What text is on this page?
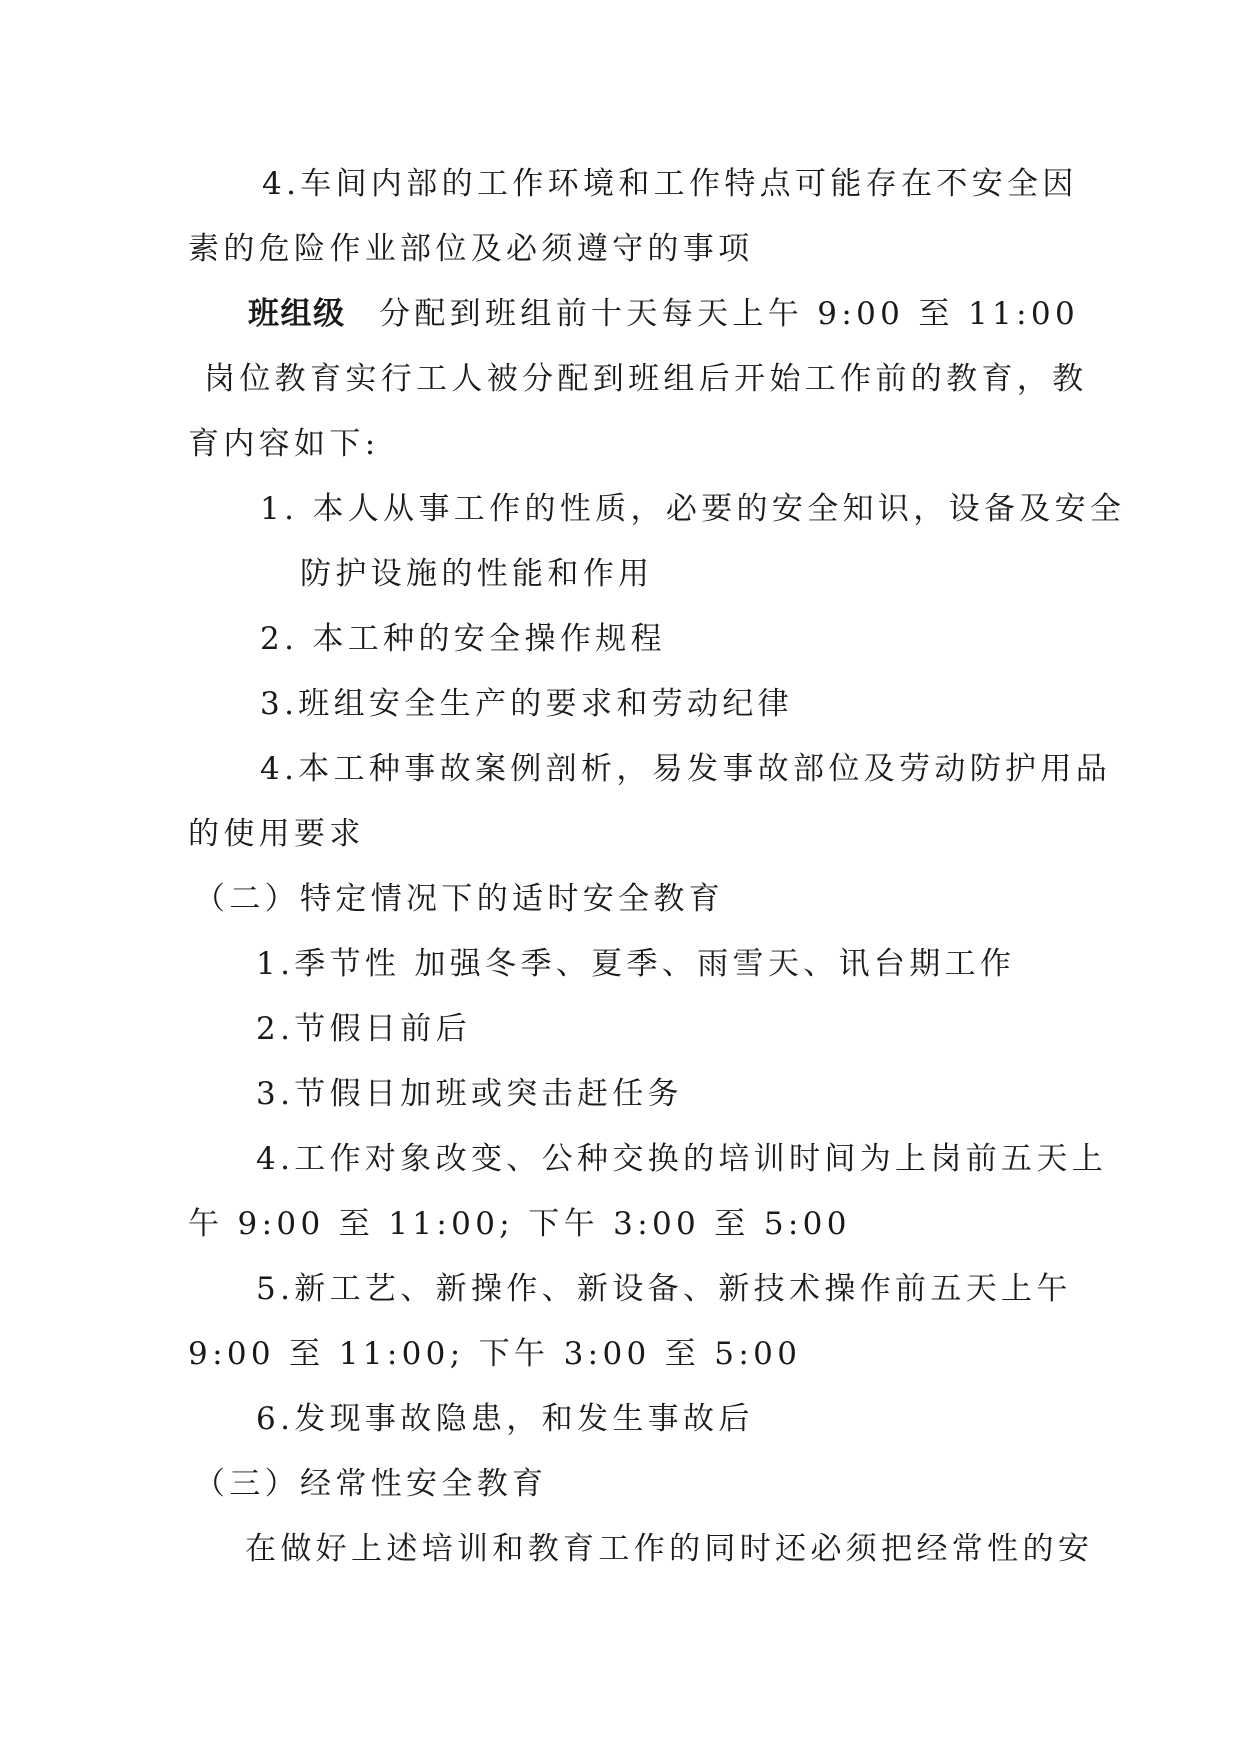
4.车间内部的工作环境和工作特点可能存在不安全因
素的危险作业部位及必须遵守的事项
班组级 分配到班组前十天每天上午 9:00 至 11:00
岗位教育实行工人被分配到班组后开始工作前的教育，教
育内容如下:
1. 本人从事工作的性质，必要的安全知识，设备及安全
防护设施的性能和作用
2. 本工种的安全操作规程
3.班组安全生产的要求和劳动纪律
4.本工种事故案例剖析，易发事故部位及劳动防护用品
的使用要求
（二）特定情况下的适时安全教育
1.季节性 加强冬季、夏季、雨雪天、讯台期工作
2.节假日前后
3.节假日加班或突击赶任务
4.工作对象改变、公种交换的培训时间为上岗前五天上
午 9:00 至 11:00; 下午 3:00 至 5:00
5.新工艺、新操作、新设备、新技术操作前五天上午
9:00 至 11:00; 下午 3:00 至 5:00
6.发现事故隐患，和发生事故后
（三）经常性安全教育
在做好上述培训和教育工作的同时还必须把经常性的安
